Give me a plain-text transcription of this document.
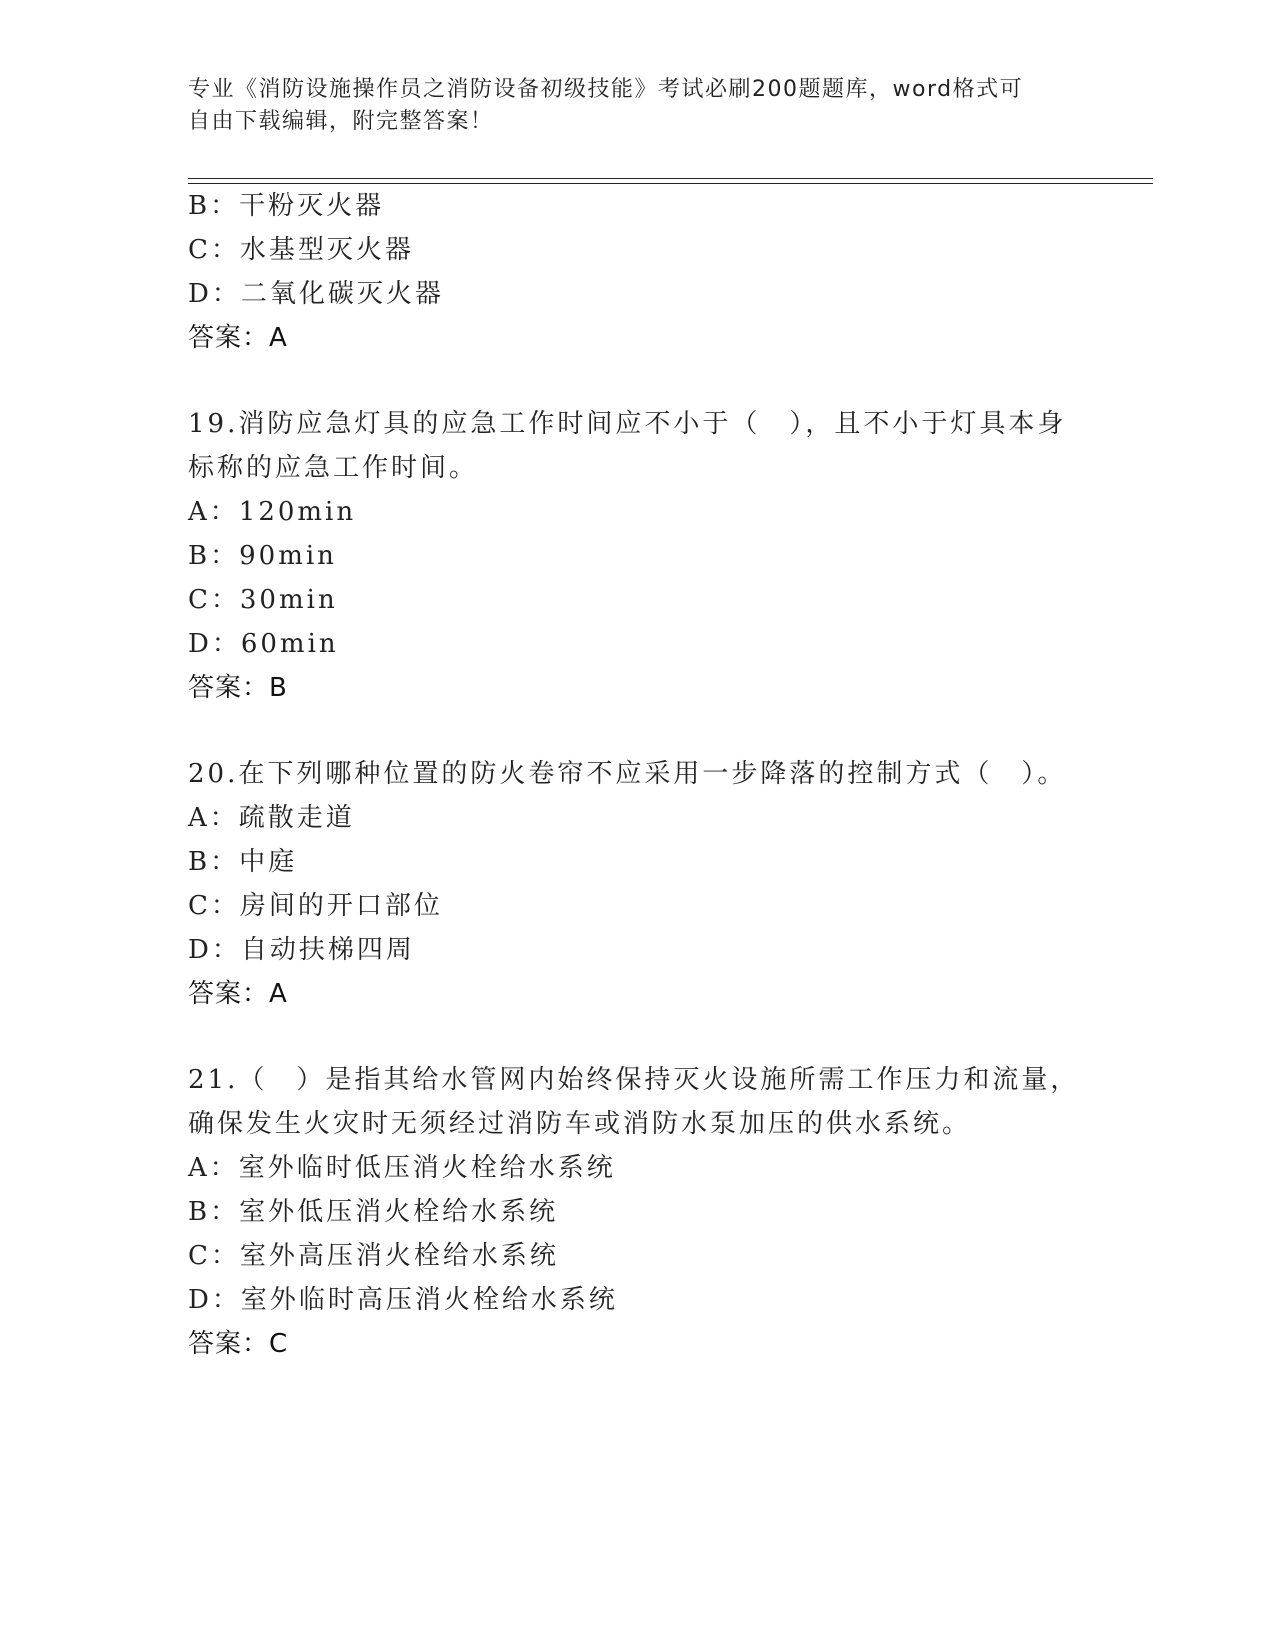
专业《消防设施操作员之消防设备初级技能》考试必刷200题题库，word格式可
自由下载编辑，附完整答案！
B：干粉灭火器
C：水基型灭火器
D：二氧化碳灭火器
答案：A
19.消防应急灯具的应急工作时间应不小于（　），且不小于灯具本身
标称的应急工作时间。
A：120min
B：90min
C：30min
D：60min
答案：B
20.在下列哪种位置的防火卷帘不应采用一步降落的控制方式（　）。
A：疏散走道
B：中庭
C：房间的开口部位
D：自动扶梯四周
答案：A
21.（　）是指其给水管网内始终保持灭火设施所需工作压力和流量，
确保发生火灾时无须经过消防车或消防水泵加压的供水系统。
A：室外临时低压消火栓给水系统
B：室外低压消火栓给水系统
C：室外高压消火栓给水系统
D：室外临时高压消火栓给水系统
答案：C
